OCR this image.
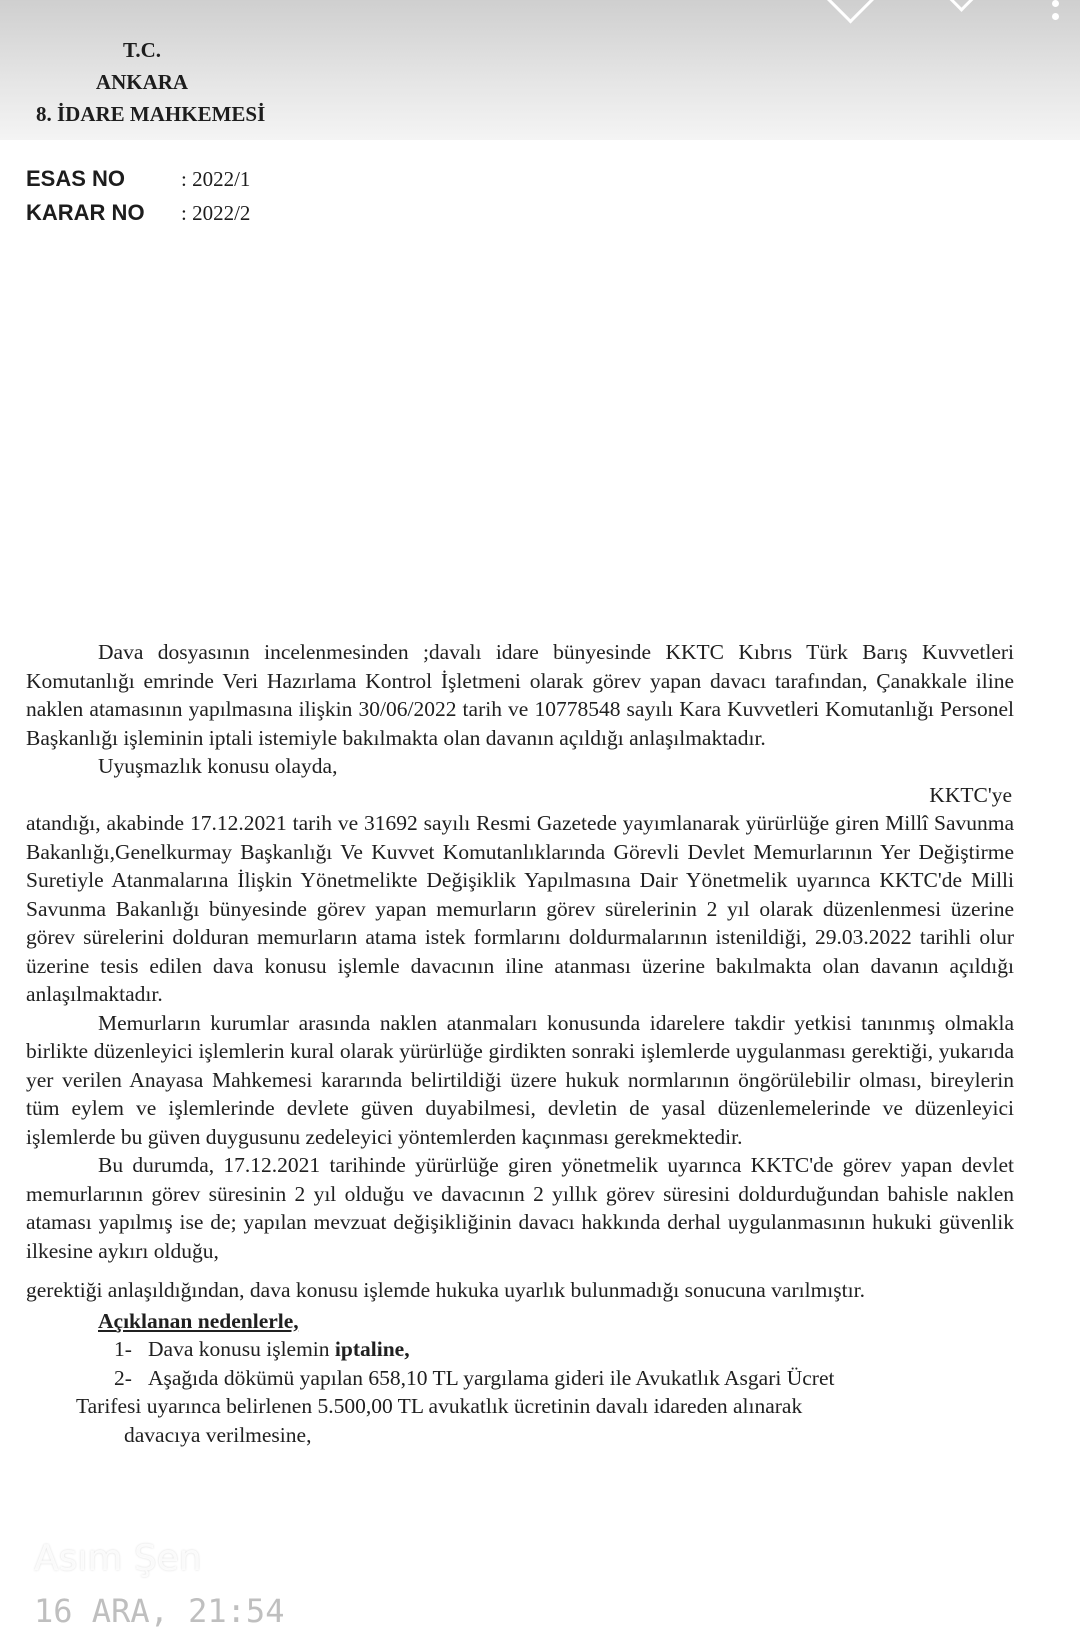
T.C.
ANKARA
8. İDARE MAHKEMESİ
ESAS NO	: 2022/1
KARAR NO	: 2022/2

Dava dosyasının incelenmesinden ;davalı idare bünyesinde KKTC Kıbrıs Türk Barış Kuvvetleri Komutanlığı emrinde Veri Hazırlama Kontrol İşletmeni olarak görev yapan davacı tarafından, Çanakkale iline naklen atamasının yapılmasına ilişkin 30/06/2022 tarih ve 10778548 sayılı Kara Kuvvetleri Komutanlığı Personel Başkanlığı işleminin iptali istemiyle bakılmakta olan davanın açıldığı anlaşılmaktadır.

Uyuşmazlık konusu olayda,

KKTC'ye
atandığı, akabinde 17.12.2021 tarih ve 31692 sayılı Resmi Gazetede yayımlanarak yürürlüğe giren Millî Savunma Bakanlığı,Genelkurmay Başkanlığı Ve Kuvvet Komutanlıklarında Görevli Devlet Memurlarının Yer Değiştirme Suretiyle Atanmalarına İlişkin Yönetmelikte Değişiklik Yapılmasına Dair Yönetmelik uyarınca KKTC'de Milli Savunma Bakanlığı bünyesinde görev yapan memurların görev sürelerinin 2 yıl olarak düzenlenmesi üzerine görev sürelerini dolduran memurların atama istek formlarını doldurmalarının istenildiği, 29.03.2022 tarihli olur üzerine tesis edilen dava konusu işlemle davacının iline atanması üzerine bakılmakta olan davanın açıldığı anlaşılmaktadır.

Memurların kurumlar arasında naklen atanmaları konusunda idarelere takdir yetkisi tanınmış olmakla birlikte düzenleyici işlemlerin kural olarak yürürlüğe girdikten sonraki işlemlerde uygulanması gerektiği, yukarıda yer verilen Anayasa Mahkemesi kararında belirtildiği üzere hukuk normlarının öngörülebilir olması, bireylerin tüm eylem ve işlemlerinde devlete güven duyabilmesi, devletin de yasal düzenlemelerinde ve düzenleyici işlemlerde bu güven duygusunu zedeleyici yöntemlerden kaçınması gerekmektedir.

Bu durumda, 17.12.2021 tarihinde yürürlüğe giren yönetmelik uyarınca KKTC'de görev yapan devlet memurlarının görev süresinin 2 yıl olduğu ve davacının 2 yıllık görev süresini doldurduğundan bahisle naklen ataması yapılmış ise de; yapılan mevzuat değişikliğinin davacı hakkında derhal uygulanmasının hukuki güvenlik ilkesine aykırı olduğu,

gerektiği anlaşıldığından, dava konusu işlemde hukuka uyarlık bulunmadığı sonucuna varılmıştır.
Açıklanan nedenlerle,
1- Dava konusu işlemin iptaline,
2- Aşağıda dökümü yapılan 658,10 TL yargılama gideri ile Avukatlık Asgari Ücret
Tarifesi uyarınca belirlenen 5.500,00 TL avukatlık ücretinin davalı idareden alınarak
davacıya verilmesine,
Asım Şen
16 ARA, 21:54
